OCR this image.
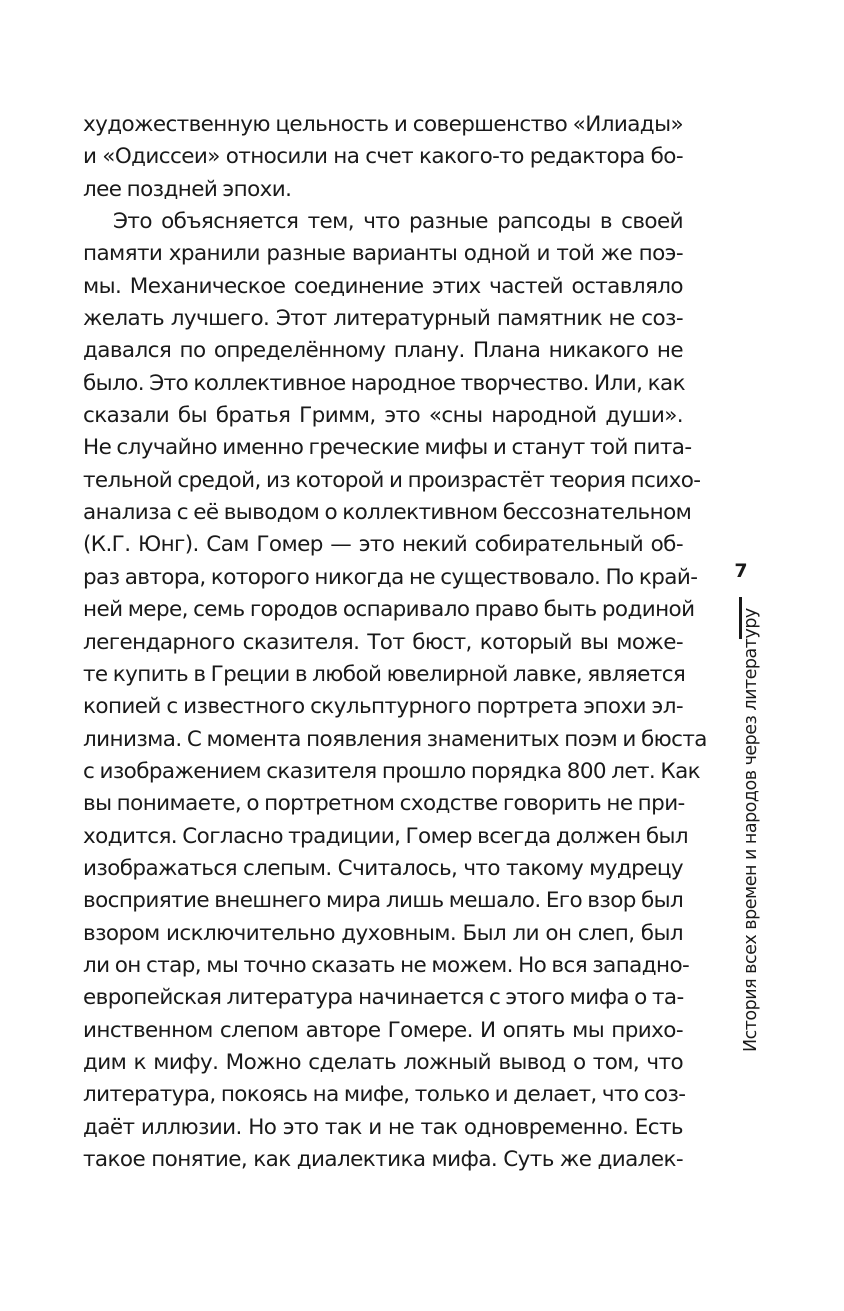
художественную цельность и совершенство «Илиады»
и «Одиссеи» относили на счет какого-то редактора бо-
лее поздней эпохи.
Это объясняется тем, что разные рапсоды в своей
памяти хранили разные варианты одной и той же поэ-
мы. Механическое соединение этих частей оставляло
желать лучшего. Этот литературный памятник не соз-
давался по определённому плану. Плана никакого не
было. Это коллективное народное творчество. Или, как
сказали бы братья Гримм, это «сны народной души».
Не случайно именно греческие мифы и станут той пита-
тельной средой, из которой и произрастёт теория психо-
анализа с её выводом о коллективном бессознательном
(К.Г. Юнг). Сам Гомер — это некий собирательный об-
раз автора, которого никогда не существовало. По край-
ней мере, семь городов оспаривало право быть родиной
легендарного сказителя. Тот бюст, который вы може-
те купить в Греции в любой ювелирной лавке, является
копией с известного скульптурного портрета эпохи эл-
линизма. С момента появления знаменитых поэм и бюста
с изображением сказителя прошло порядка 800 лет. Как
вы понимаете, о портретном сходстве говорить не при-
ходится. Согласно традиции, Гомер всегда должен был
изображаться слепым. Считалось, что такому мудрецу
восприятие внешнего мира лишь мешало. Его взор был
взором исключительно духовным. Был ли он слеп, был
ли он стар, мы точно сказать не можем. Но вся западно-
европейская литература начинается с этого мифа о та-
инственном слепом авторе Гомере. И опять мы прихо-
дим к мифу. Можно сделать ложный вывод о том, что
литература, покоясь на мифе, только и делает, что соз-
даёт иллюзии. Но это так и не так одновременно. Есть
такое понятие, как диалектика мифа. Суть же диалек-
7
История всех времен и народов через литературу
